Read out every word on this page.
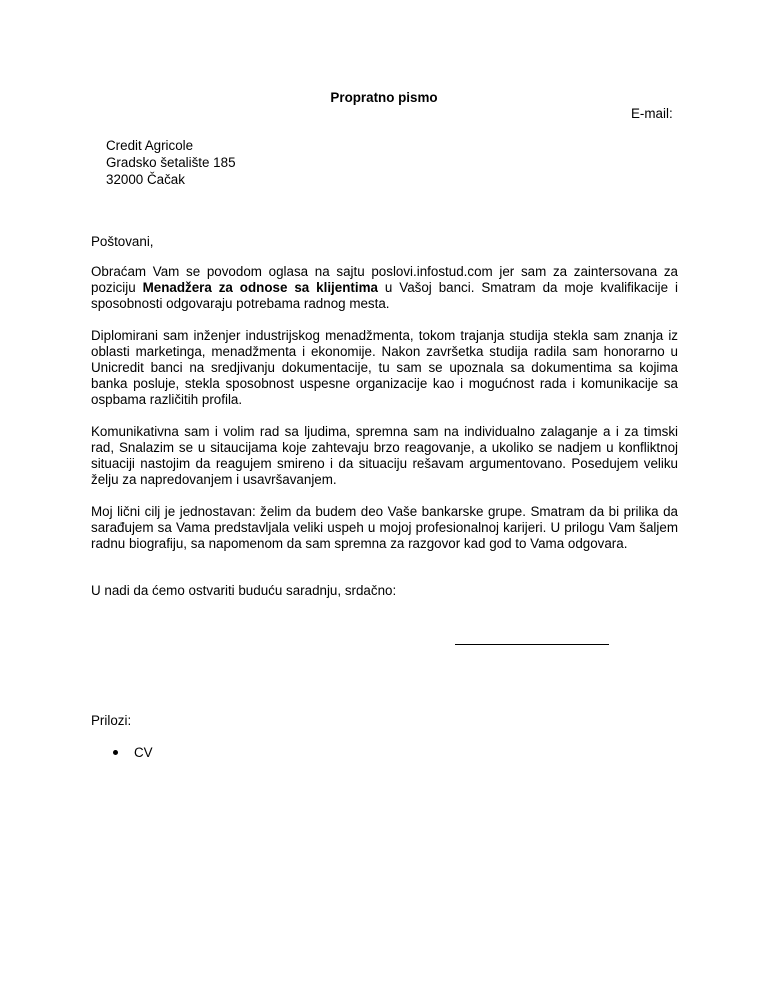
Propratno pismo
E-mail:
Credit Agricole
Gradsko šetalište 185
32000 Čačak
Poštovani,
Obraćam Vam se povodom oglasa na sajtu poslovi.infostud.com jer sam za zaintersovana za poziciju Menadžera za odnose sa klijentima u Vašoj banci. Smatram da moje kvalifikacije i sposobnosti odgovaraju potrebama radnog mesta.
Diplomirani sam inženjer industrijskog menadžmenta, tokom trajanja studija stekla sam znanja iz oblasti marketinga, menadžmenta i ekonomije. Nakon završetka studija radila sam honorarno u Unicredit banci na sredjivanju dokumentacije, tu sam se upoznala sa dokumentima sa kojima banka posluje, stekla sposobnost uspesne organizacije kao i mogućnost rada i komunikacije sa ospbama različitih profila.
Komunikativna sam i volim rad sa ljudima, spremna sam na individualno zalaganje a i za timski rad, Snalazim se u sitaucijama koje zahtevaju brzo reagovanje, a ukoliko se nadjem u konfliktnoj situaciji nastojim da reagujem smireno i da situaciju rešavam argumentovano. Posedujem veliku želju za napredovanjem i usavršavanjem.
Moj lični cilj je jednostavan: želim da budem deo Vaše bankarske grupe. Smatram da bi prilika da sarađujem sa Vama predstavljala veliki uspeh u mojoj profesionalnoj karijeri. U prilogu Vam šaljem radnu biografiju, sa napomenom da sam spremna za razgovor kad god to Vama odgovara.
U nadi da ćemo ostvariti buduću saradnju, srdačno:
Prilozi:
CV
